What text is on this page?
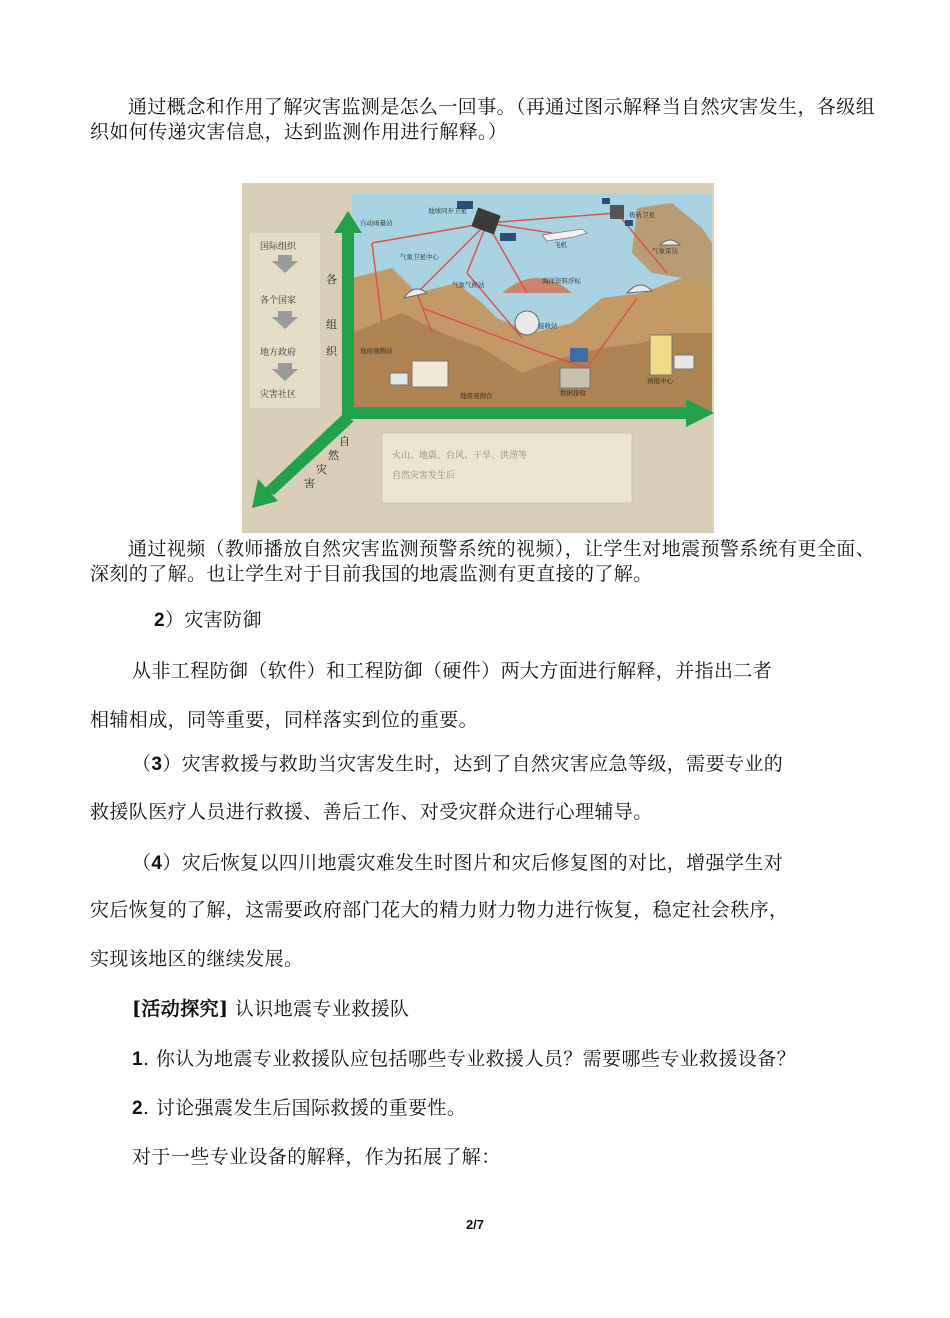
通过概念和作用了解灾害监测是怎么一回事。（再通过图示解释当自然灾害发生，各级组织如何传递灾害信息，达到监测作用进行解释。）

自动雨量站
地球同步卫星	极轨卫星
气象卫星中心
气象气候站
飞机
气象雷达
海洋资料浮标
接收站
地面观测站
地震观测台	数据接收
预报中心
各
组
织
自
然
灾
害
国际组织
各个国家
地方政府
灾害社区
火山、地震、台风、干旱、洪涝等
自然灾害发生后

通过视频（教师播放自然灾害监测预警系统的视频），让学生对地震预警系统有更全面、深刻的了解。也让学生对于目前我国的地震监测有更直接的了解。

2）灾害防御
从非工程防御（软件）和工程防御（硬件）两大方面进行解释，并指出二者
相辅相成，同等重要，同样落实到位的重要。
（3）灾害救援与救助当灾害发生时，达到了自然灾害应急等级，需要专业的
救援队医疗人员进行救援、善后工作、对受灾群众进行心理辅导。
（4）灾后恢复以四川地震灾难发生时图片和灾后修复图的对比，增强学生对
灾后恢复的了解，这需要政府部门花大的精力财力物力进行恢复，稳定社会秩序，
实现该地区的继续发展。
[活动探究] 认识地震专业救援队
1. 你认为地震专业救援队应包括哪些专业救援人员？需要哪些专业救援设备？
2. 讨论强震发生后国际救援的重要性。
对于一些专业设备的解释，作为拓展了解：
2/7
